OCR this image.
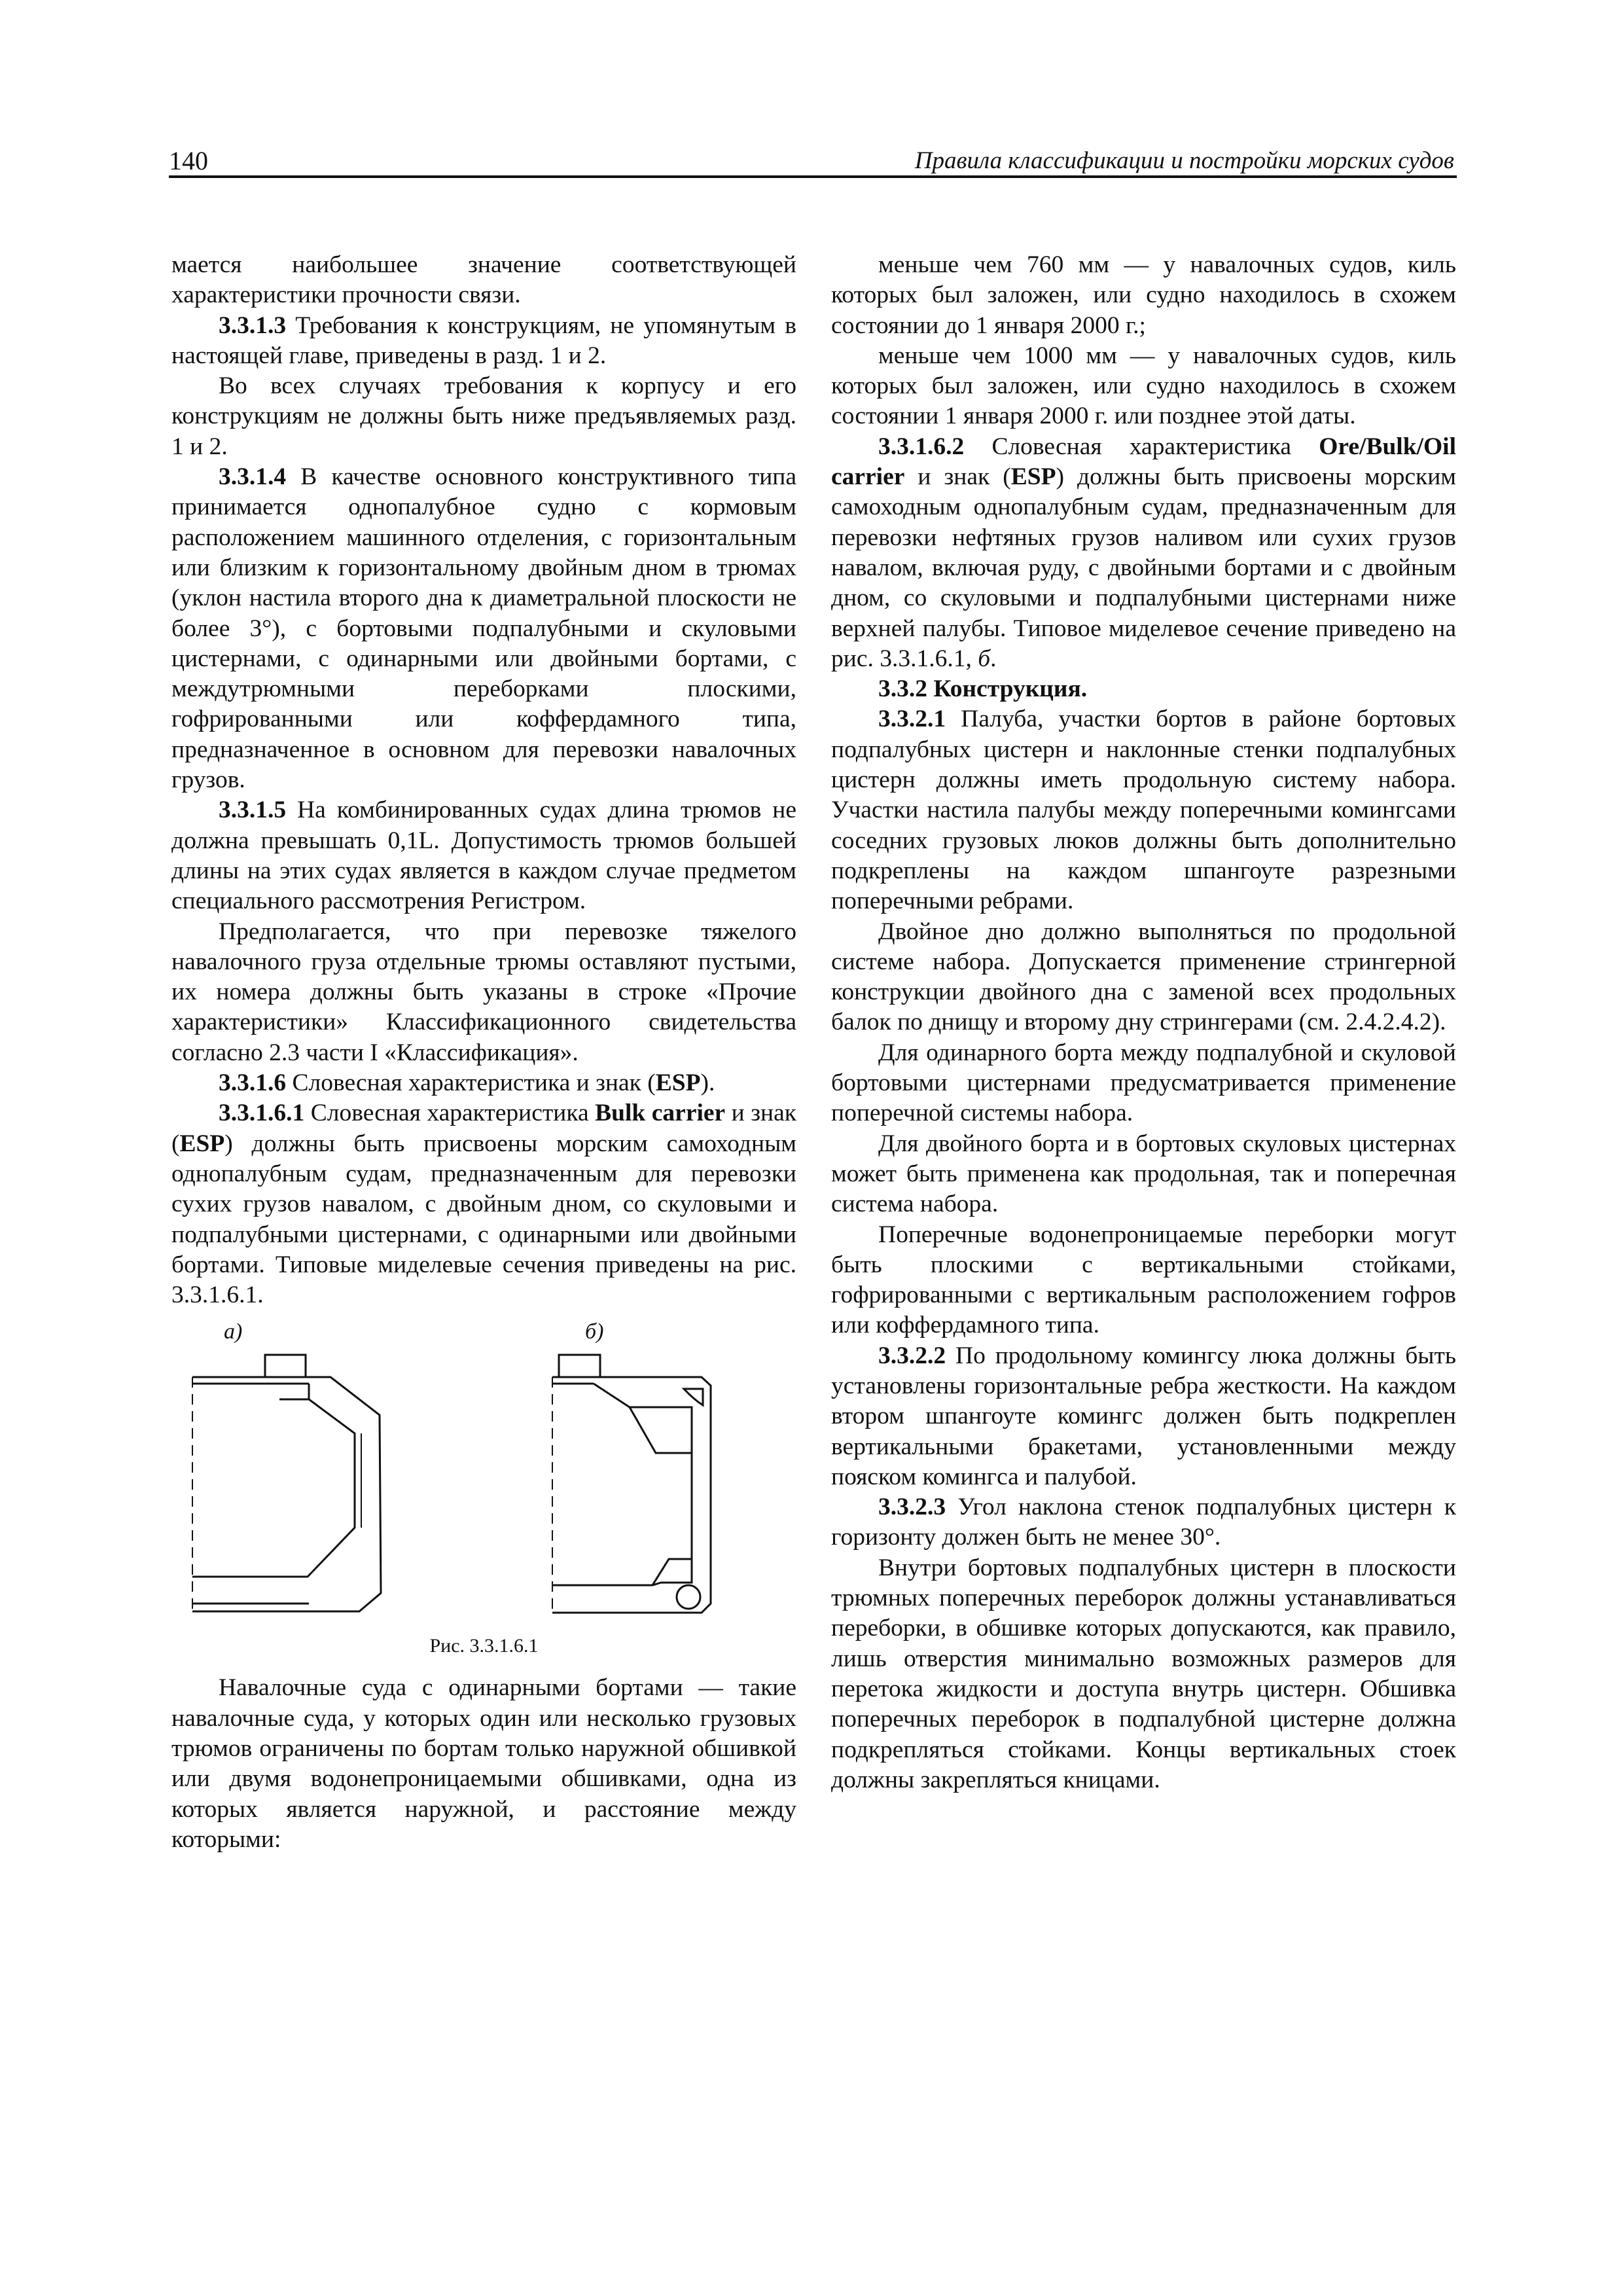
140	Правила классификации и постройки морских судов

мается наибольшее значение соответствующей характеристики прочности связи.

3.3.1.3 Требования к конструкциям, не упомянутым в настоящей главе, приведены в разд. 1 и 2.

Во всех случаях требования к корпусу и его конструкциям не должны быть ниже предъявляемых разд. 1 и 2.

3.3.1.4 В качестве основного конструктивного типа принимается однопалубное судно с кормовым расположением машинного отделения, с горизонтальным или близким к горизонтальному двойным дном в трюмах (уклон настила второго дна к диаметральной плоскости не более 3°), с бортовыми подпалубными и скуловыми цистернами, с одинарными или двойными бортами, с междутрюмными переборками плоскими, гофрированными или коффердамного типа, предназначенное в основном для перевозки навалочных грузов.

3.3.1.5 На комбинированных судах длина трюмов не должна превышать 0,1L. Допустимость трюмов большей длины на этих судах является в каждом случае предметом специального рассмотрения Регистром.

Предполагается, что при перевозке тяжелого навалочного груза отдельные трюмы оставляют пустыми, их номера должны быть указаны в строке «Прочие характеристики» Классификационного свидетельства согласно 2.3 части I «Классификация».

3.3.1.6 Словесная характеристика и знак (ESP).

3.3.1.6.1 Словесная характеристика Bulk carrier и знак (ESP) должны быть присвоены морским самоходным однопалубным судам, предназначенным для перевозки сухих грузов навалом, с двойным дном, со скуловыми и подпалубными цистернами, с одинарными или двойными бортами. Типовые миделевые сечения приведены на рис. 3.3.1.6.1.

а)	б)
Рис. 3.3.1.6.1

Навалочные суда с одинарными бортами — такие навалочные суда, у которых один или несколько грузовых трюмов ограничены по бортам только наружной обшивкой или двумя водонепроницаемыми обшивками, одна из которых является наружной, и расстояние между которыми:

меньше чем 760 мм — у навалочных судов, киль которых был заложен, или судно находилось в схожем состоянии до 1 января 2000 г.;

меньше чем 1000 мм — у навалочных судов, киль которых был заложен, или судно находилось в схожем состоянии 1 января 2000 г. или позднее этой даты.

3.3.1.6.2 Словесная характеристика Ore/Bulk/Oil carrier и знак (ESP) должны быть присвоены морским самоходным однопалубным судам, предназначенным для перевозки нефтяных грузов наливом или сухих грузов навалом, включая руду, с двойными бортами и с двойным дном, со скуловыми и подпалубными цистернами ниже верхней палубы. Типовое миделевое сечение приведено на рис. 3.3.1.6.1, б.

3.3.2 Конструкция.

3.3.2.1 Палуба, участки бортов в районе бортовых подпалубных цистерн и наклонные стенки подпалубных цистерн должны иметь продольную систему набора. Участки настила палубы между поперечными комингсами соседних грузовых люков должны быть дополнительно подкреплены на каждом шпангоуте разрезными поперечными ребрами.

Двойное дно должно выполняться по продольной системе набора. Допускается применение стрингерной конструкции двойного дна с заменой всех продольных балок по днищу и второму дну стрингерами (см. 2.4.2.4.2).

Для одинарного борта между подпалубной и скуловой бортовыми цистернами предусматривается применение поперечной системы набора.

Для двойного борта и в бортовых скуловых цистернах может быть применена как продольная, так и поперечная система набора.

Поперечные водонепроницаемые переборки могут быть плоскими с вертикальными стойками, гофрированными с вертикальным расположением гофров или коффердамного типа.

3.3.2.2 По продольному комингсу люка должны быть установлены горизонтальные ребра жесткости. На каждом втором шпангоуте комингс должен быть подкреплен вертикальными бракетами, установленными между пояском комингса и палубой.

3.3.2.3 Угол наклона стенок подпалубных цистерн к горизонту должен быть не менее 30°.

Внутри бортовых подпалубных цистерн в плоскости трюмных поперечных переборок должны устанавливаться переборки, в обшивке которых допускаются, как правило, лишь отверстия минимально возможных размеров для перетока жидкости и доступа внутрь цистерн. Обшивка поперечных переборок в подпалубной цистерне должна подкрепляться стойками. Концы вертикальных стоек должны закрепляться кницами.
